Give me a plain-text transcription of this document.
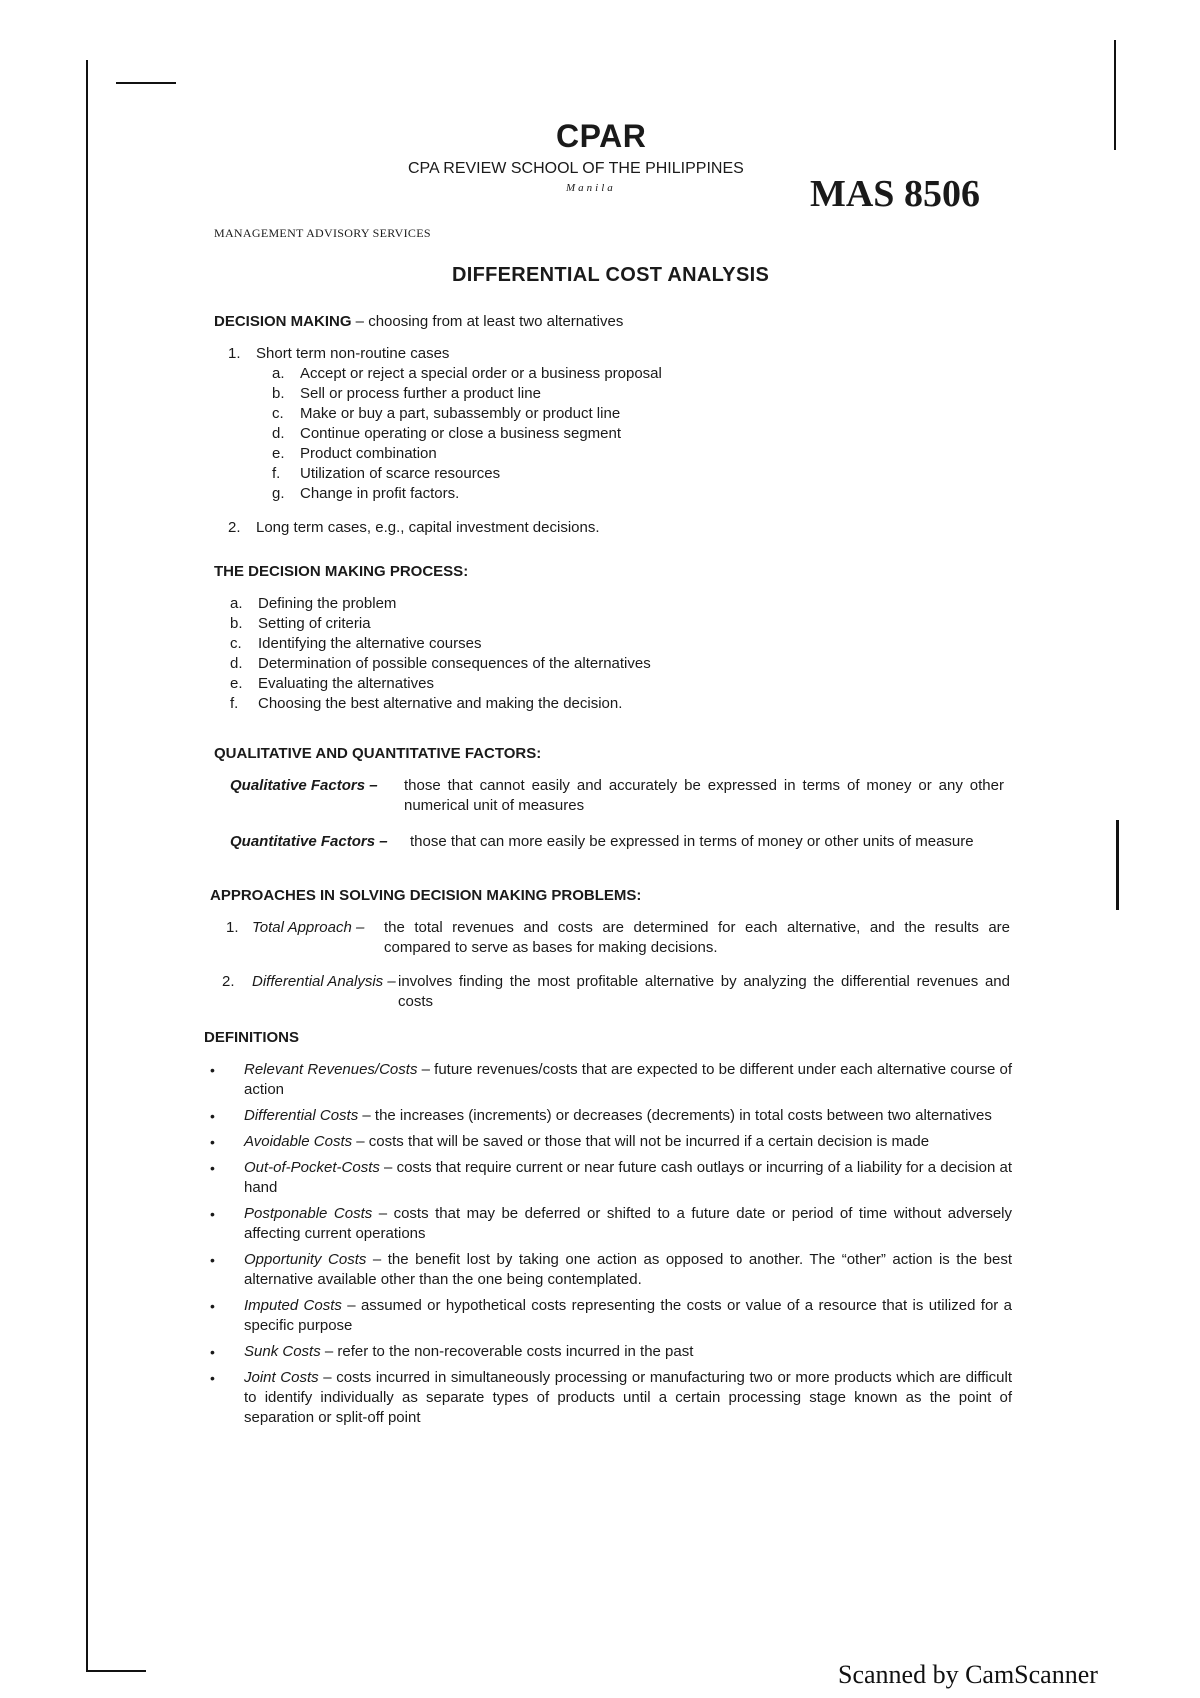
CPAR
CPA REVIEW SCHOOL OF THE PHILIPPINES
Manila	MAS 8506
MANAGEMENT ADVISORY SERVICES
DIFFERENTIAL COST ANALYSIS
DECISION MAKING – choosing from at least two alternatives
1.	Short term non-routine cases
a.	Accept or reject a special order or a business proposal
b.	Sell or process further a product line
c.	Make or buy a part, subassembly or product line
d.	Continue operating or close a business segment
e.	Product combination
f.	Utilization of scarce resources
g.	Change in profit factors.
2.	Long term cases, e.g., capital investment decisions.
THE DECISION MAKING PROCESS:
a.	Defining the problem
b.	Setting of criteria
c.	Identifying the alternative courses
d.	Determination of possible consequences of the alternatives
e.	Evaluating the alternatives
f.	Choosing the best alternative and making the decision.
QUALITATIVE AND QUANTITATIVE FACTORS:
Qualitative Factors –	those that cannot easily and accurately be expressed in terms of money or any other numerical unit of measures
Quantitative Factors –	those that can more easily be expressed in terms of money or other units of measure
APPROACHES IN SOLVING DECISION MAKING PROBLEMS:
1. Total Approach –	the total revenues and costs are determined for each alternative, and the results are compared to serve as bases for making decisions.
2.	Differential Analysis – involves finding the most profitable alternative by analyzing the differential revenues and costs
DEFINITIONS
•	Relevant Revenues/Costs – future revenues/costs that are expected to be different under each alternative course of action
•	Differential Costs – the increases (increments) or decreases (decrements) in total costs between two alternatives
•	Avoidable Costs – costs that will be saved or those that will not be incurred if a certain decision is made
•	Out-of-Pocket-Costs – costs that require current or near future cash outlays or incurring of a liability for a decision at hand
•	Postponable Costs – costs that may be deferred or shifted to a future date or period of time without adversely affecting current operations
•	Opportunity Costs – the benefit lost by taking one action as opposed to another. The “other” action is the best alternative available other than the one being contemplated.
•	Imputed Costs – assumed or hypothetical costs representing the costs or value of a resource that is utilized for a specific purpose
•	Sunk Costs – refer to the non-recoverable costs incurred in the past
•	Joint Costs – costs incurred in simultaneously processing or manufacturing two or more products which are difficult to identify individually as separate types of products until a certain processing stage known as the point of separation or split-off point
Scanned by CamScanner
